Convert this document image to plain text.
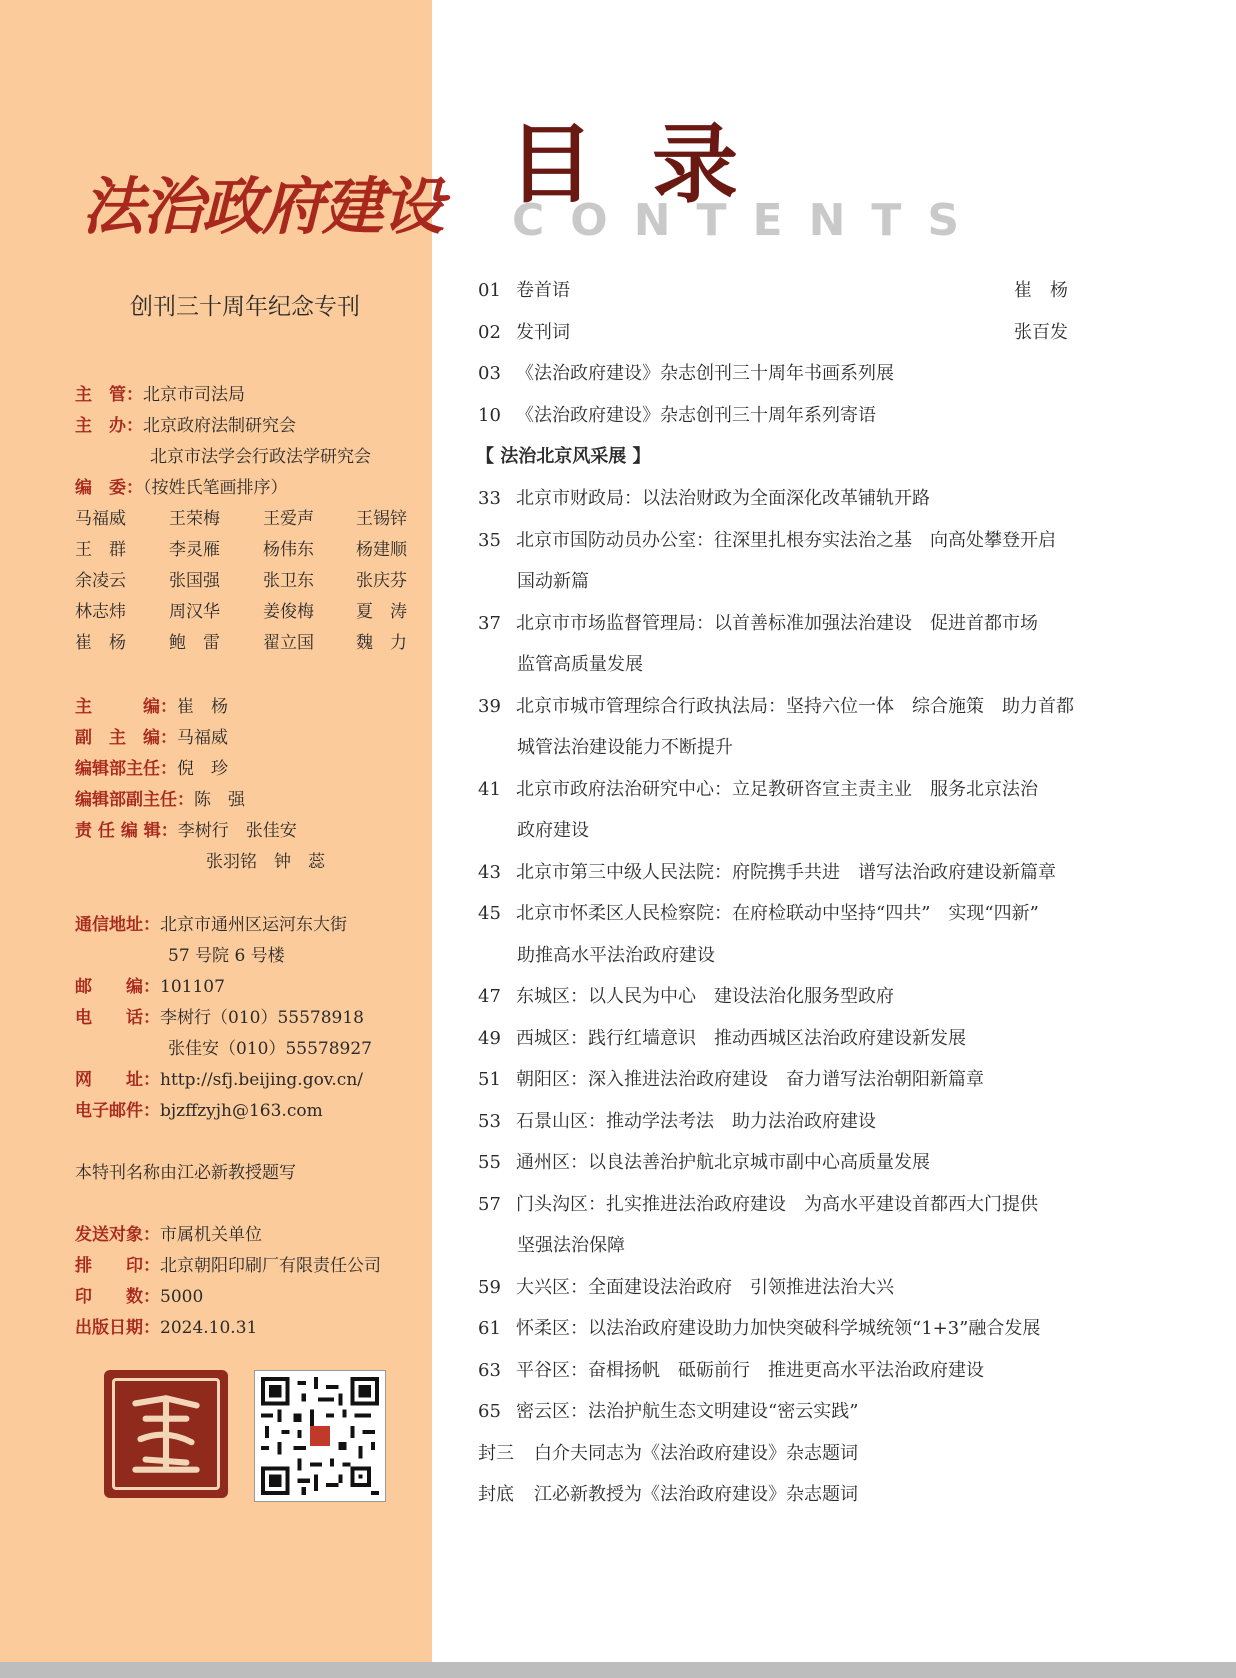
法治政府建设
创刊三十周年纪念专刊
主　管：北京市司法局
主　办：北京政府法制研究会
北京市法学会行政法学研究会
编　委：（按姓氏笔画排序）
马福威	王荣梅	王爱声 王锡锌
王　群	李灵雁	杨伟东 杨建顺
余凌云	张国强	张卫东 张庆芬
林志炜	周汉华	姜俊梅 夏　涛
崔　杨	鲍　雷	翟立国 魏　力
主　　　编：崔　杨
副　主　编：马福威
编辑部主任：倪　珍
编辑部副主任：陈　强
责 任 编 辑：李树行　张佳安
张羽铭　钟　蕊
通信地址：北京市通州区运河东大街
57 号院 6 号楼
邮　　编：101107
电　　话：李树行（010）55578918
张佳安（010）55578927
网　　址：http://sfj.beijing.gov.cn/
电子邮件：bjzffzyjh@163.com
本特刊名称由江必新教授题写
发送对象：市属机关单位
排　　印：北京朝阳印刷厂有限责任公司
印　　数：5000
出版日期：2024.10.31
目录
CONTENTS
01 卷首语	崔　杨
02 发刊词	张百发
03 《法治政府建设》杂志创刊三十周年书画系列展
10 《法治政府建设》杂志创刊三十周年系列寄语
【 法治北京风采展 】
33 北京市财政局：以法治财政为全面深化改革铺轨开路
35 北京市国防动员办公室：往深里扎根夯实法治之基　向高处攀登开启
国动新篇
37 北京市市场监督管理局：以首善标准加强法治建设　促进首都市场
监管高质量发展
39 北京市城市管理综合行政执法局：坚持六位一体　综合施策　助力首都
城管法治建设能力不断提升
41 北京市政府法治研究中心：立足教研咨宣主责主业　服务北京法治
政府建设
43 北京市第三中级人民法院：府院携手共进　谱写法治政府建设新篇章
45 北京市怀柔区人民检察院：在府检联动中坚持“四共”　实现“四新”
助推高水平法治政府建设
47 东城区：以人民为中心　建设法治化服务型政府
49 西城区：践行红墙意识　推动西城区法治政府建设新发展
51 朝阳区：深入推进法治政府建设　奋力谱写法治朝阳新篇章
53 石景山区：推动学法考法　助力法治政府建设
55 通州区：以良法善治护航北京城市副中心高质量发展
57 门头沟区：扎实推进法治政府建设　为高水平建设首都西大门提供
坚强法治保障
59 大兴区：全面建设法治政府　引领推进法治大兴
61 怀柔区：以法治政府建设助力加快突破科学城统领“1+3”融合发展
63 平谷区：奋楫扬帆　砥砺前行　推进更高水平法治政府建设
65 密云区：法治护航生态文明建设“密云实践”
封三 白介夫同志为《法治政府建设》杂志题词
封底 江必新教授为《法治政府建设》杂志题词
